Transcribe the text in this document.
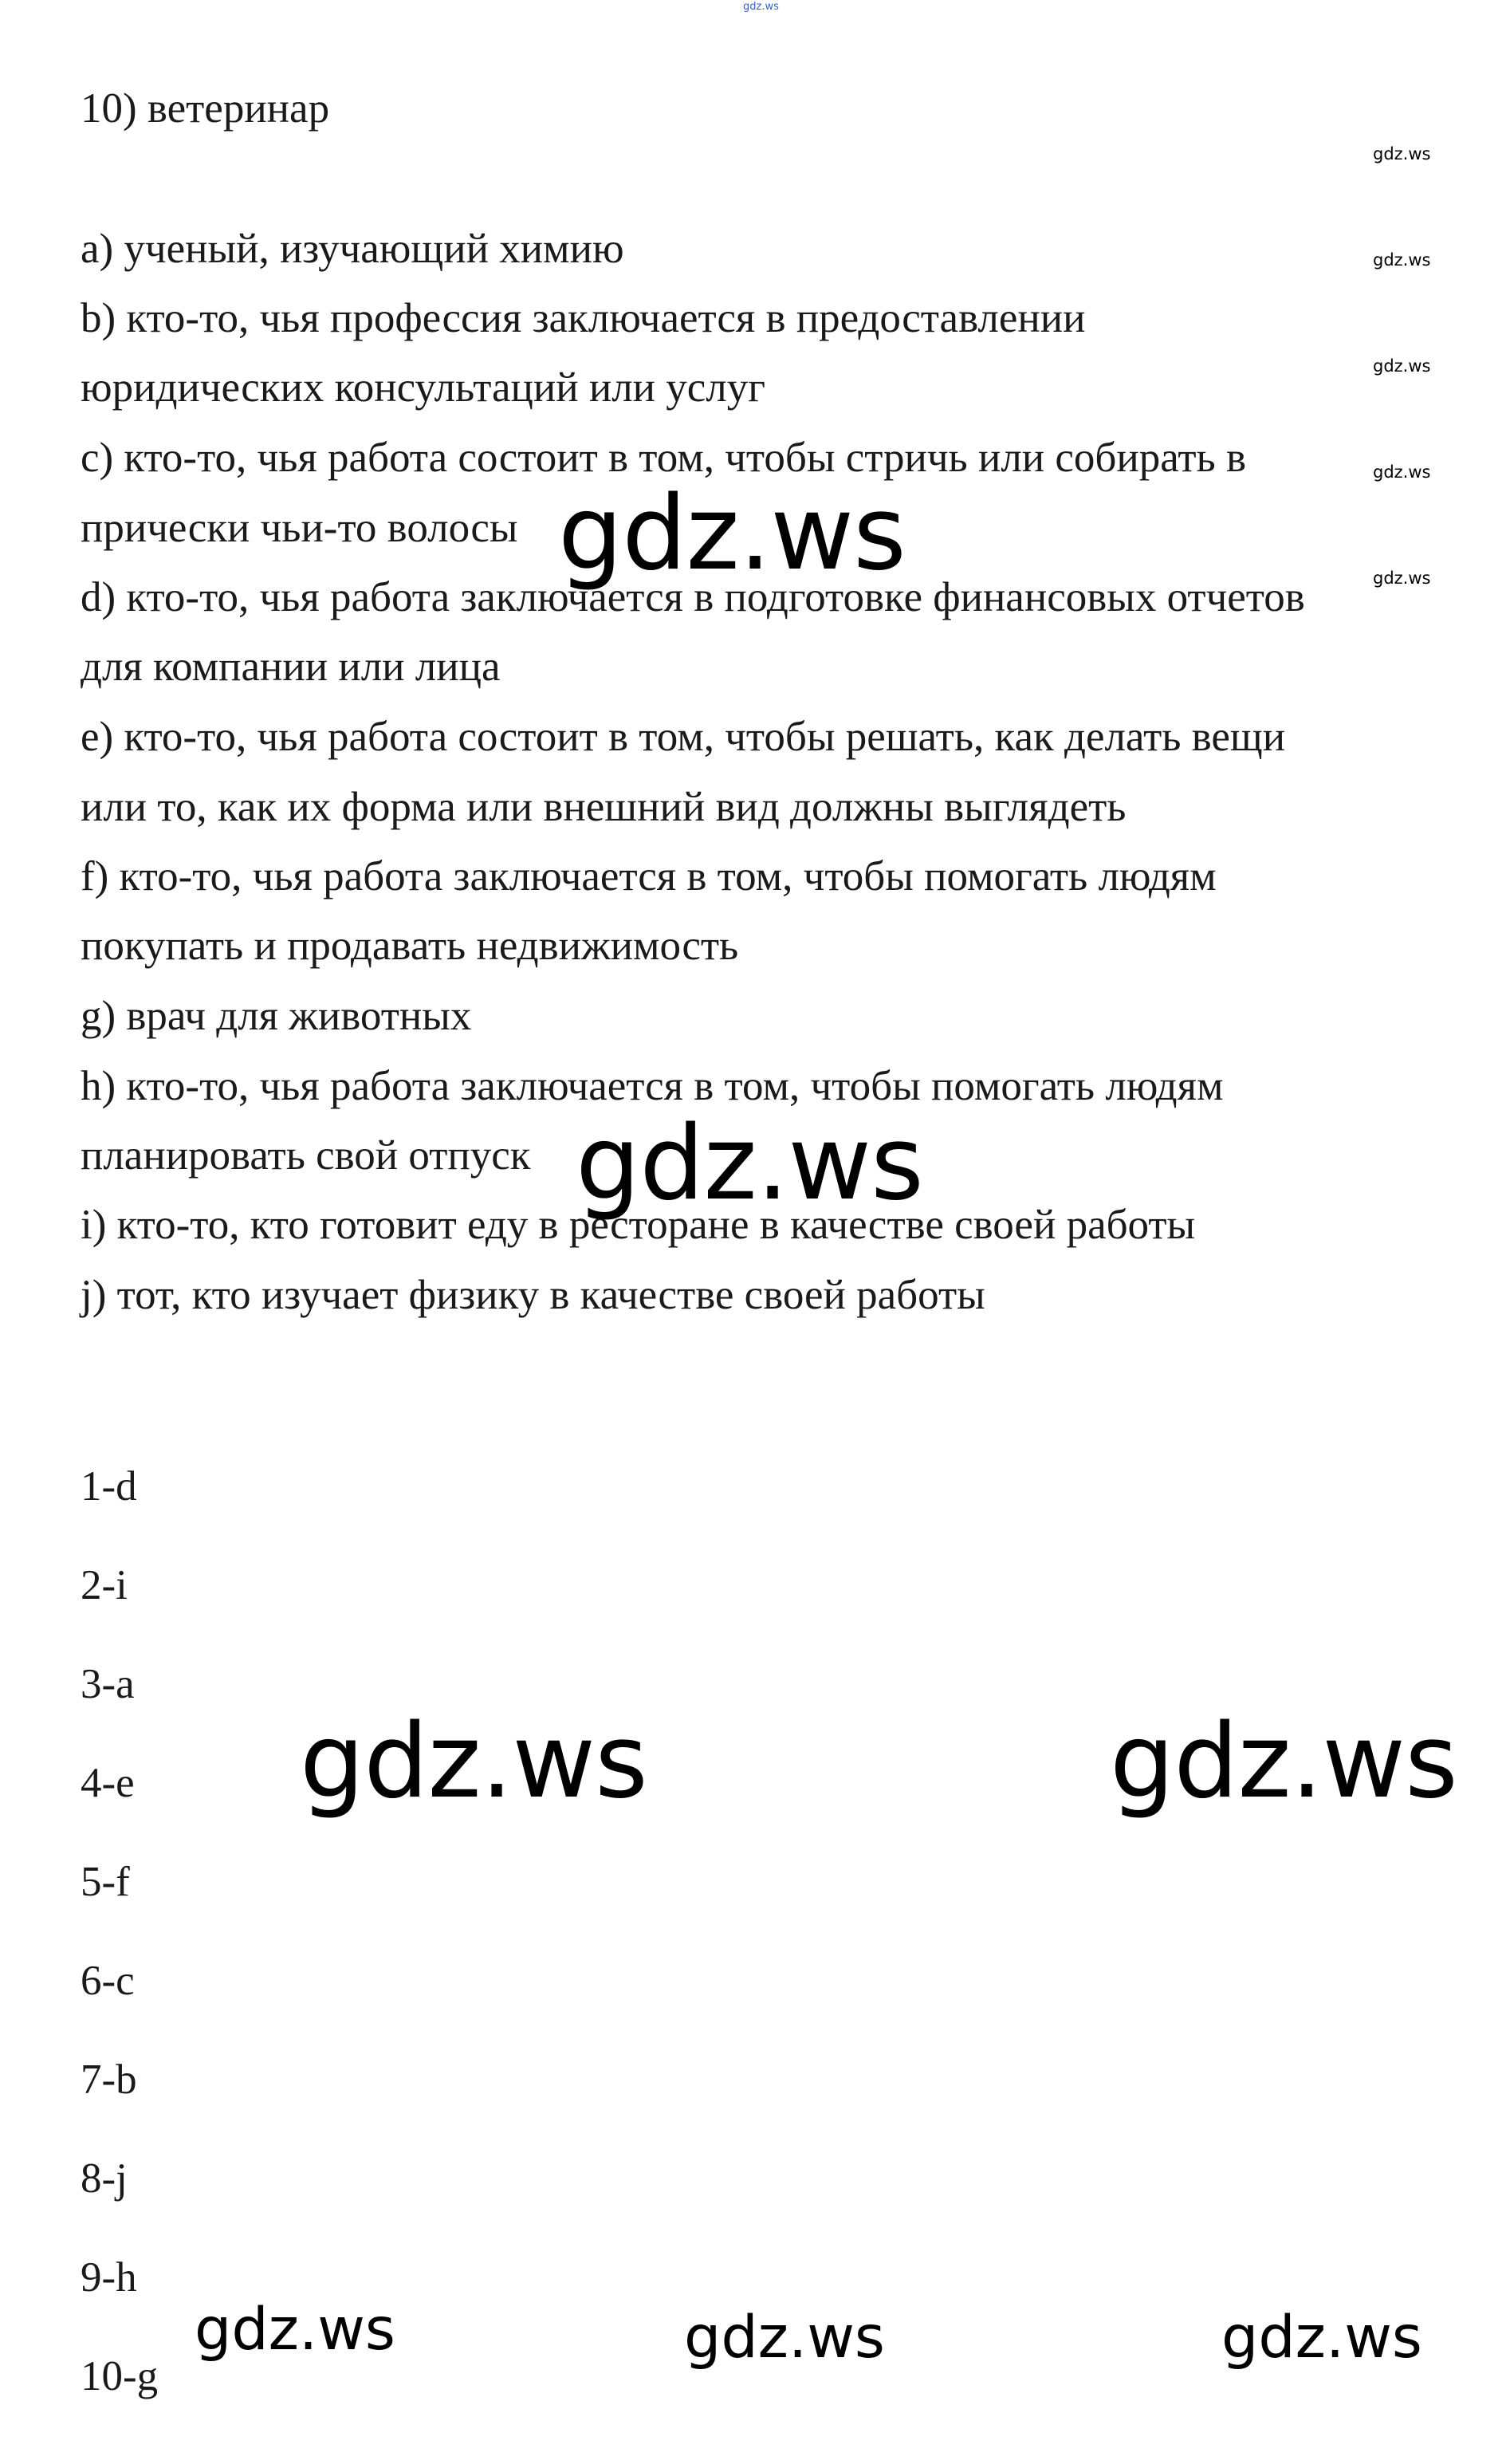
gdz.ws
10) ветеринар
a) ученый, изучающий химию
b) кто-то, чья профессия заключается в предоставлении
юридических консультаций или услуг
c) кто-то, чья работа состоит в том, чтобы стричь или собирать в
прически чьи-то волосы
d) кто-то, чья работа заключается в подготовке финансовых отчетов
для компании или лица
e) кто-то, чья работа состоит в том, чтобы решать, как делать вещи
или то, как их форма или внешний вид должны выглядеть
f) кто-то, чья работа заключается в том, чтобы помогать людям
покупать и продавать недвижимость
g) врач для животных
h) кто-то, чья работа заключается в том, чтобы помогать людям
планировать свой отпуск
i) кто-то, кто готовит еду в ресторане в качестве своей работы
j) тот, кто изучает физику в качестве своей работы
1-d
2-i
3-a
4-e
5-f
6-c
7-b
8-j
9-h
10-g
gdz.ws
gdz.ws
gdz.ws
gdz.ws
gdz.ws
gdz.ws
gdz.ws
gdz.ws	gdz.ws
gdz.ws	gdz.ws	gdz.ws
